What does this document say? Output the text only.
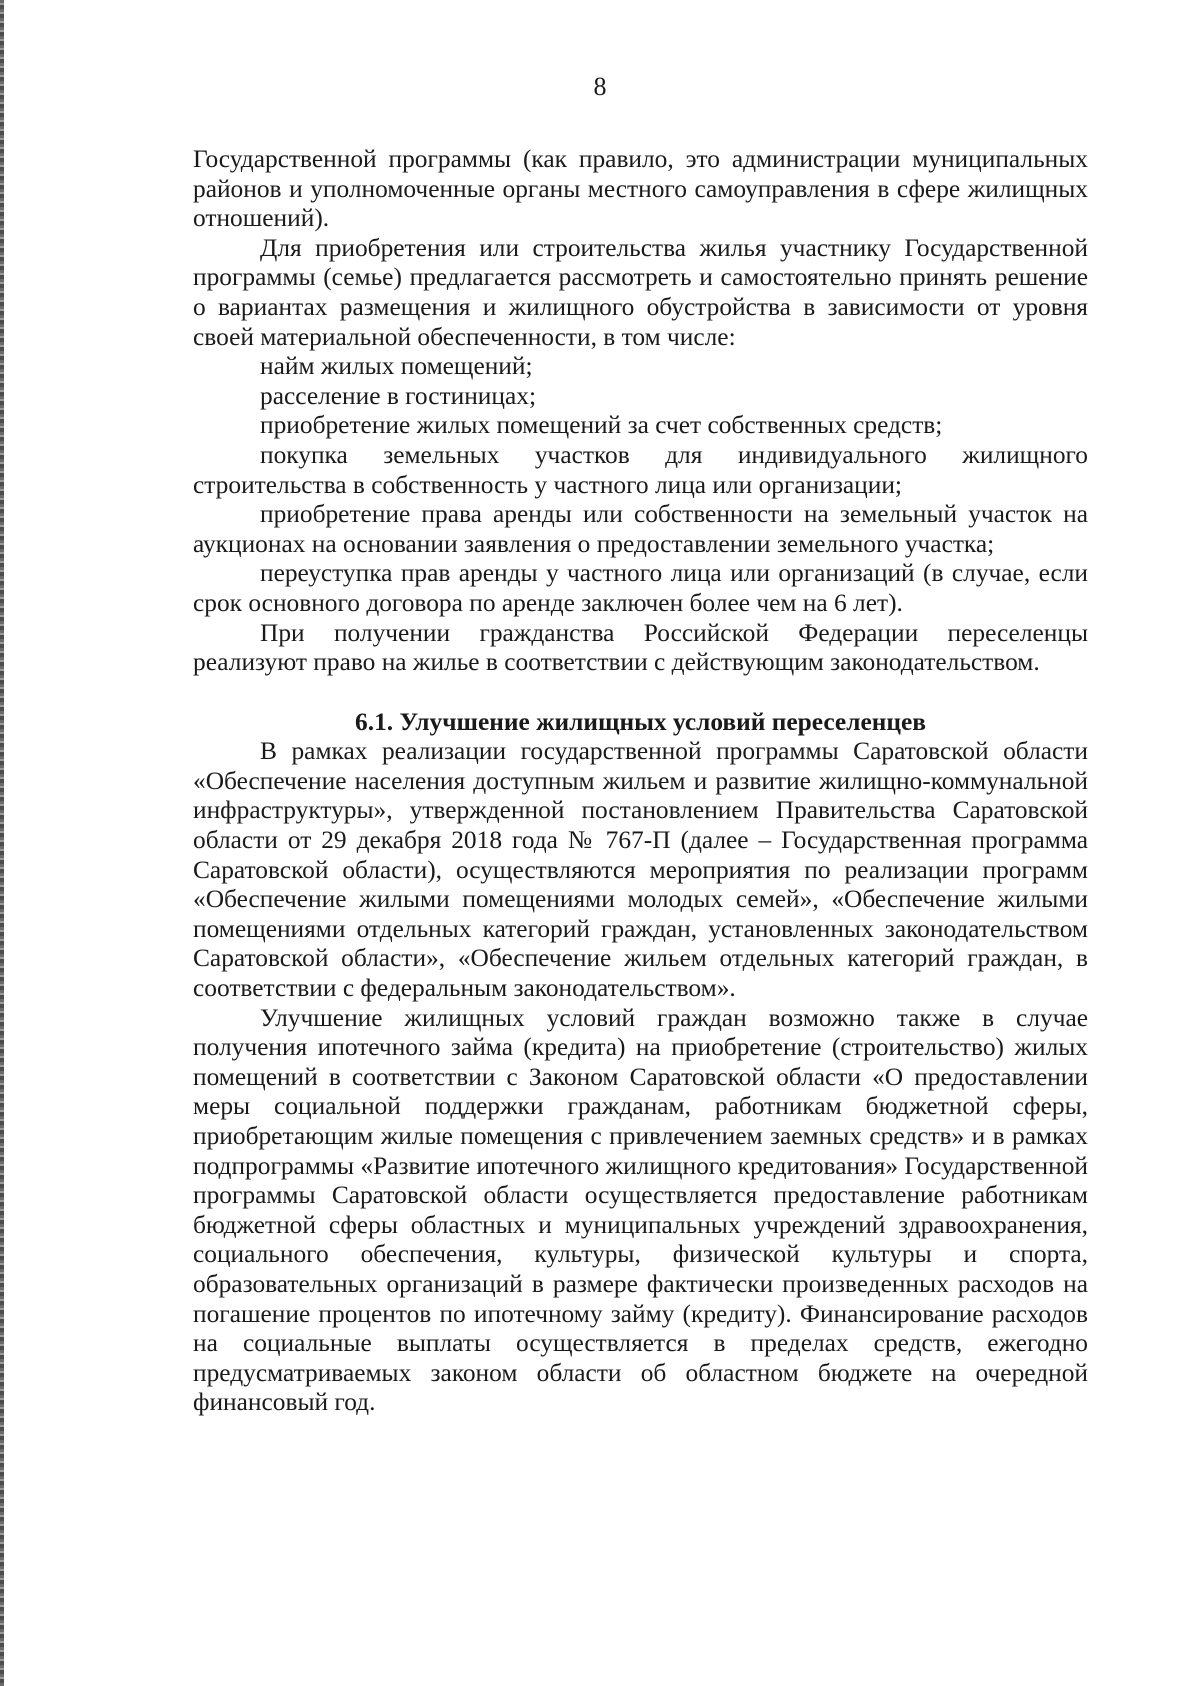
8

Государственной программы (как правило, это администрации муниципальных районов и уполномоченные органы местного самоуправления в сфере жилищных отношений).

Для приобретения или строительства жилья участнику Государственной программы (семье) предлагается рассмотреть и самостоятельно принять решение о вариантах размещения и жилищного обустройства в зависимости от уровня своей материальной обеспеченности, в том числе:

найм жилых помещений;

расселение в гостиницах;

приобретение жилых помещений за счет собственных средств;

покупка земельных участков для индивидуального жилищного строительства в собственность у частного лица или организации;

приобретение права аренды или собственности на земельный участок на аукционах на основании заявления о предоставлении земельного участка;

переуступка прав аренды у частного лица или организаций (в случае, если срок основного договора по аренде заключен более чем на 6 лет).

При получении гражданства Российской Федерации переселенцы реализуют право на жилье в соответствии с действующим законодательством.

6.1. Улучшение жилищных условий переселенцев

В рамках реализации государственной программы Саратовской области «Обеспечение населения доступным жильем и развитие жилищно-коммунальной инфраструктуры», утвержденной постановлением Правительства Саратовской области от 29 декабря 2018 года № 767-П (далее – Государственная программа Саратовской области), осуществляются мероприятия по реализации программ «Обеспечение жилыми помещениями молодых семей», «Обеспечение жилыми помещениями отдельных категорий граждан, установленных законодательством Саратовской области», «Обеспечение жильем отдельных категорий граждан, в соответствии с федеральным законодательством».

Улучшение жилищных условий граждан возможно также в случае получения ипотечного займа (кредита) на приобретение (строительство) жилых помещений в соответствии с Законом Саратовской области «О предоставлении меры социальной поддержки гражданам, работникам бюджетной сферы, приобретающим жилые помещения с привлечением заемных средств» и в рамках подпрограммы «Развитие ипотечного жилищного кредитования» Государственной программы Саратовской области осуществляется предоставление работникам бюджетной сферы областных и муниципальных учреждений здравоохранения, социального обеспечения, культуры, физической культуры и спорта, образовательных организаций в размере фактически произведенных расходов на погашение процентов по ипотечному займу (кредиту). Финансирование расходов на социальные выплаты осуществляется в пределах средств, ежегодно предусматриваемых законом области об областном бюджете на очередной финансовый год.
